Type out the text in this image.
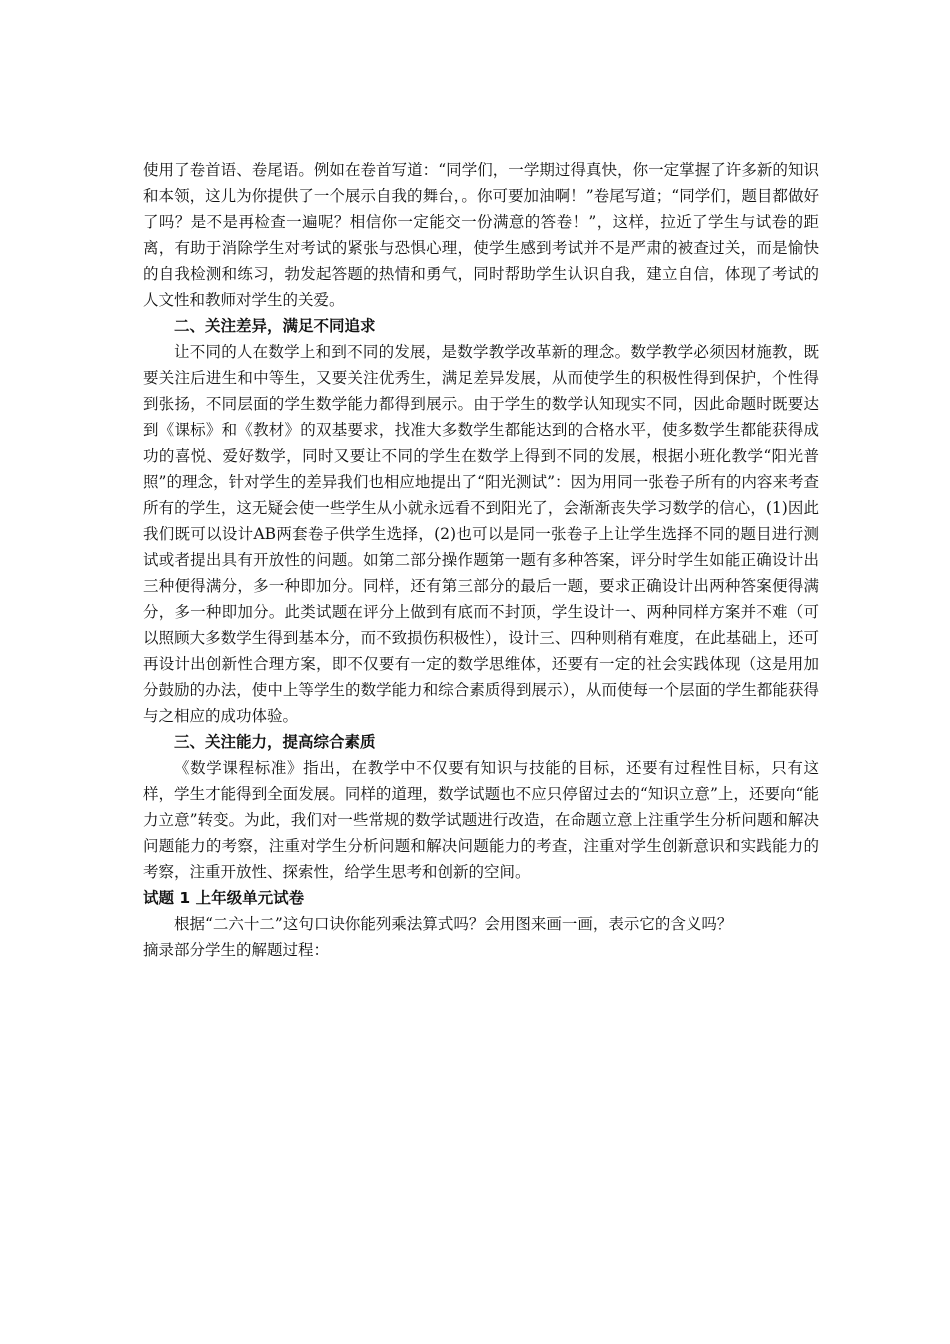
使用了卷首语、卷尾语。例如在卷首写道：“同学们，一学期过得真快，你一定掌握了许多新的知识和本领，这儿为你提供了一个展示自我的舞台，。你可要加油啊！”卷尾写道；“同学们，题目都做好了吗？是不是再检查一遍呢？相信你一定能交一份满意的答卷！”，这样，拉近了学生与试卷的距离，有助于消除学生对考试的紧张与恐惧心理，使学生感到考试并不是严肃的被查过关，而是愉快的自我检测和练习，勃发起答题的热情和勇气，同时帮助学生认识自我，建立自信，体现了考试的人文性和教师对学生的关爱。

二、关注差异，满足不同追求

让不同的人在数学上和到不同的发展，是数学教学改革新的理念。数学教学必须因材施教，既要关注后进生和中等生，又要关注优秀生，满足差异发展，从而使学生的积极性得到保护，个性得到张扬，不同层面的学生数学能力都得到展示。由于学生的数学认知现实不同，因此命题时既要达到《课标》和《教材》的双基要求，找准大多数学生都能达到的合格水平，使多数学生都能获得成功的喜悦、爱好数学，同时又要让不同的学生在数学上得到不同的发展，根据小班化教学“阳光普照”的理念，针对学生的差异我们也相应地提出了“阳光测试”：因为用同一张卷子所有的内容来考查所有的学生，这无疑会使一些学生从小就永远看不到阳光了，会渐渐丧失学习数学的信心，(1)因此我们既可以设计AB两套卷子供学生选择，(2)也可以是同一张卷子上让学生选择不同的题目进行测试或者提出具有开放性的问题。如第二部分操作题第一题有多种答案，评分时学生如能正确设计出三种便得满分，多一种即加分。同样，还有第三部分的最后一题，要求正确设计出两种答案便得满分，多一种即加分。此类试题在评分上做到有底而不封顶，学生设计一、两种同样方案并不难（可以照顾大多数学生得到基本分，而不致损伤积极性），设计三、四种则稍有难度，在此基础上，还可再设计出创新性合理方案，即不仅要有一定的数学思维体，还要有一定的社会实践体现（这是用加分鼓励的办法，使中上等学生的数学能力和综合素质得到展示），从而使每一个层面的学生都能获得与之相应的成功体验。

三、关注能力，提高综合素质

《数学课程标准》指出，在教学中不仅要有知识与技能的目标，还要有过程性目标，只有这样，学生才能得到全面发展。同样的道理，数学试题也不应只停留过去的“知识立意”上，还要向“能力立意”转变。为此，我们对一些常规的数学试题进行改造，在命题立意上注重学生分析问题和解决问题能力的考察，注重对学生分析问题和解决问题能力的考查，注重对学生创新意识和实践能力的考察，注重开放性、探索性，给学生思考和创新的空间。

试题 1 上年级单元试卷

根据“二六十二”这句口诀你能列乘法算式吗？会用图来画一画，表示它的含义吗？

摘录部分学生的解题过程：
